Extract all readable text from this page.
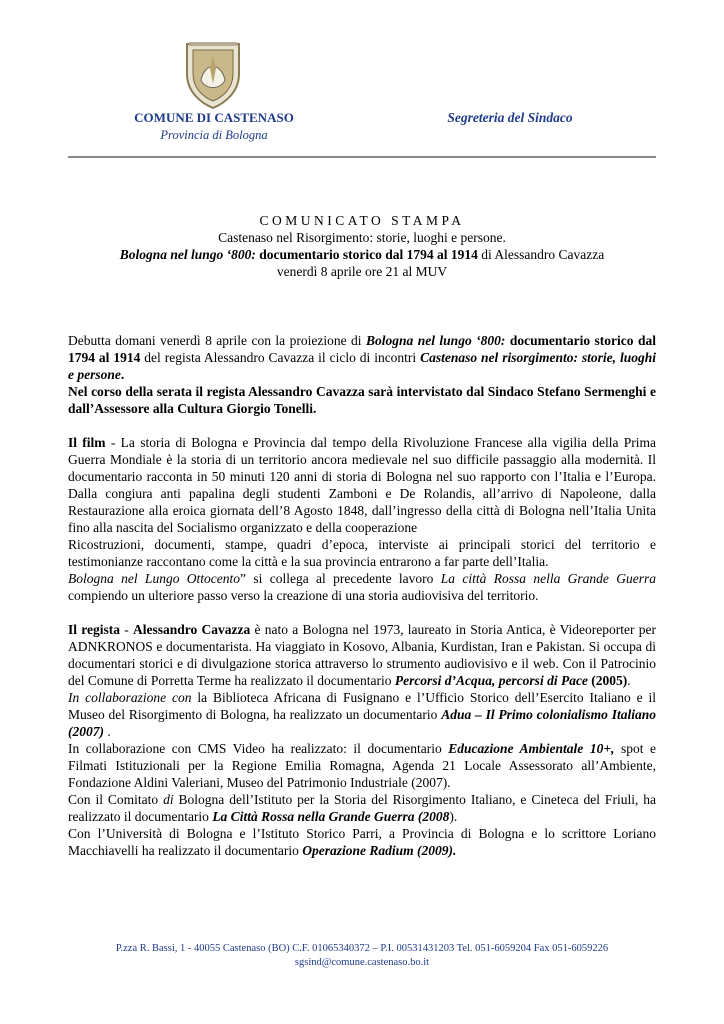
COMUNE DI CASTENASO
Provincia di Bologna
Segreteria del Sindaco
COMUNICATO STAMPA
Castenaso nel Risorgimento: storie, luoghi e persone.
Bologna nel lungo ‘800: documentario storico dal 1794 al 1914 di Alessandro Cavazza
venerdì 8 aprile ore 21 al MUV

Debutta domani venerdì 8 aprile con la proiezione di Bologna nel lungo ‘800: documentario storico dal 1794 al 1914 del regista Alessandro Cavazza il ciclo di incontri Castenaso nel risorgimento: storie, luoghi e persone.
Nel corso della serata il regista Alessandro Cavazza sarà intervistato dal Sindaco Stefano Sermenghi e dall’Assessore alla Cultura Giorgio Tonelli.

Il film - La storia di Bologna e Provincia dal tempo della Rivoluzione Francese alla vigilia della Prima Guerra Mondiale è la storia di un territorio ancora medievale nel suo difficile passaggio alla modernità. Il documentario racconta in 50 minuti 120 anni di storia di Bologna nel suo rapporto con l’Italia e l’Europa. Dalla congiura anti papalina degli studenti Zamboni e De Rolandis, all’arrivo di Napoleone, dalla Restaurazione alla eroica giornata dell’8 Agosto 1848, dall’ingresso della città di Bologna nell’Italia Unita fino alla nascita del Socialismo organizzato e della cooperazione

Ricostruzioni, documenti, stampe, quadri d’epoca, interviste ai principali storici del territorio e testimonianze raccontano come la città e la sua provincia entrarono a far parte dell’Italia.

Bologna nel Lungo Ottocento” si collega al precedente lavoro La città Rossa nella Grande Guerra compiendo un ulteriore passo verso la creazione di una storia audiovisiva del territorio.

Il regista - Alessandro Cavazza è nato a Bologna nel 1973, laureato in Storia Antica, è Videoreporter per ADNKRONOS e documentarista. Ha viaggiato in Kosovo, Albania, Kurdistan, Iran e Pakistan. Si occupa di documentari storici e di divulgazione storica attraverso lo strumento audiovisivo e il web. Con il Patrocinio del Comune di Porretta Terme ha realizzato il documentario Percorsi d’Acqua, percorsi di Pace (2005).

In collaborazione con la Biblioteca Africana di Fusignano e l’Ufficio Storico dell’Esercito Italiano e il Museo del Risorgimento di Bologna, ha realizzato un documentario Adua – Il Primo colonialismo Italiano (2007) .

In collaborazione con CMS Video ha realizzato: il documentario Educazione Ambientale 10+, spot e Filmati Istituzionali per la Regione Emilia Romagna, Agenda 21 Locale Assessorato all’Ambiente, Fondazione Aldini Valeriani, Museo del Patrimonio Industriale (2007).

Con il Comitato di Bologna dell’Istituto per la Storia del Risorgimento Italiano, e Cineteca del Friuli, ha realizzato il documentario La Città Rossa nella Grande Guerra (2008).

Con l’Università di Bologna e l’Istituto Storico Parri, a Provincia di Bologna e lo scrittore Loriano Macchiavelli ha realizzato il documentario Operazione Radium (2009).

P.zza R. Bassi, 1 - 40055 Castenaso (BO) C.F. 01065340372 – P.I. 00531431203 Tel. 051-6059204 Fax 051-6059226
sgsind@comune.castenaso.bo.it
